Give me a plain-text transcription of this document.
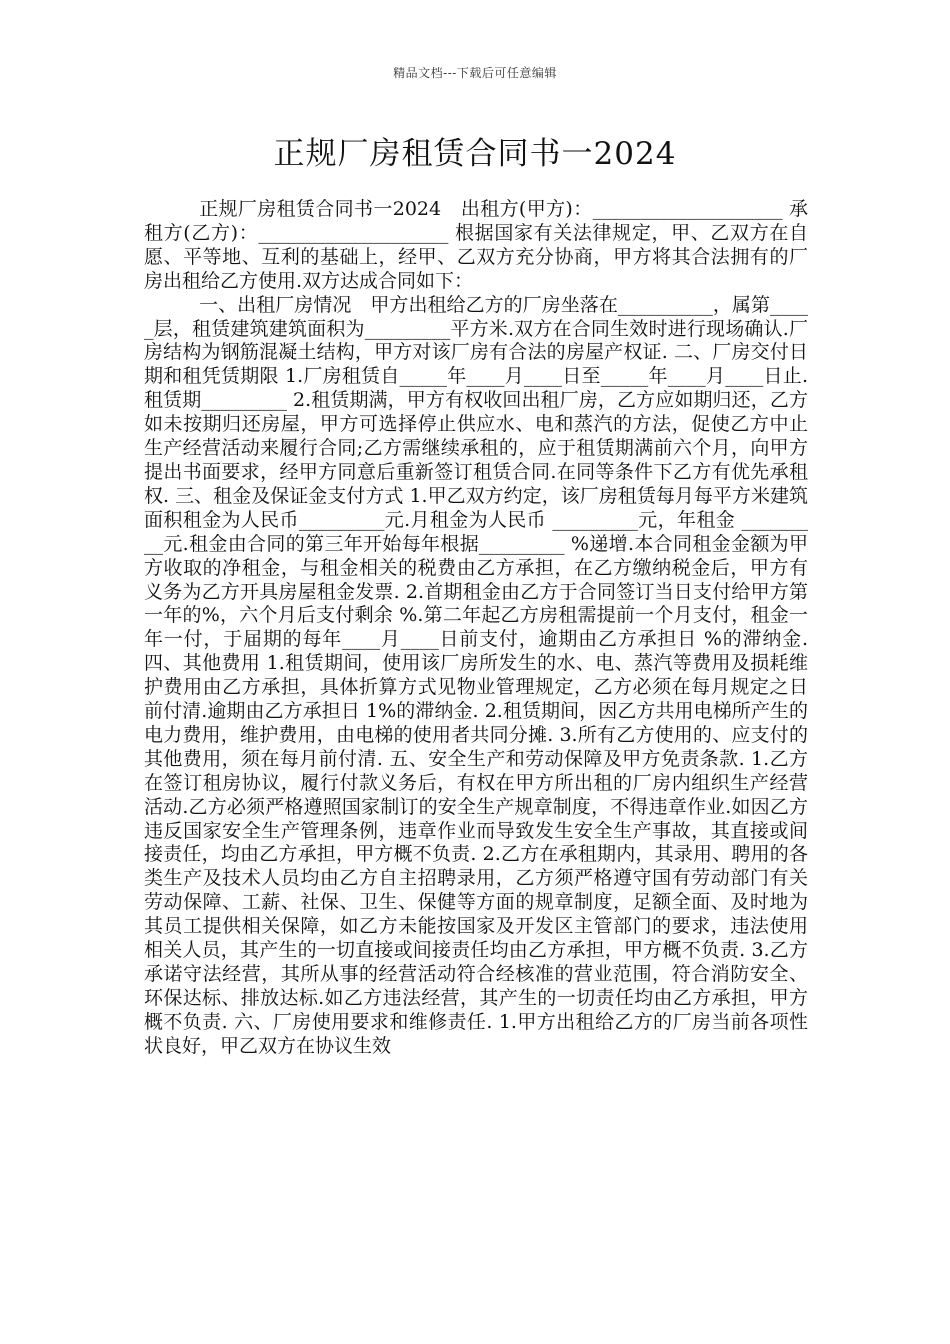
精品文档---下载后可任意编辑
正规厂房租赁合同书一2024

正规厂房租赁合同书一2024　出租方(甲方)：____________________ 承租方(乙方)：____________________ 根据国家有关法律规定，甲、乙双方在自愿、平等地、互利的基础上，经甲、乙双方充分协商，甲方将其合法拥有的厂房出租给乙方使用.双方达成合同如下：

一、出租厂房情况　甲方出租给乙方的厂房坐落在__________，属第_____层，租赁建筑建筑面积为_________平方米.双方在合同生效时进行现场确认.厂房结构为钢筋混凝土结构，甲方对该厂房有合法的房屋产权证. 二、厂房交付日期和租凭赁期限 1.厂房租赁自_____年____月____日至_____年____月____日止.租赁期_________ 2.租赁期满，甲方有权收回出租厂房，乙方应如期归还，乙方如未按期归还房屋，甲方可选择停止供应水、电和蒸汽的方法，促使乙方中止生产经营活动来履行合同;乙方需继续承租的，应于租赁期满前六个月，向甲方提出书面要求，经甲方同意后重新签订租赁合同.在同等条件下乙方有优先承租权. 三、租金及保证金支付方式 1.甲乙双方约定，该厂房租赁每月每平方米建筑面积租金为人民币_________元.月租金为人民币 _________元，年租金 _________元.租金由合同的第三年开始每年根据_________ %递增.本合同租金金额为甲方收取的净租金，与租金相关的税费由乙方承担，在乙方缴纳税金后，甲方有义务为乙方开具房屋租金发票. 2.首期租金由乙方于合同签订当日支付给甲方第一年的%，六个月后支付剩余 %.第二年起乙方房租需提前一个月支付，租金一年一付，于届期的每年____月____日前支付，逾期由乙方承担日 %的滞纳金. 四、其他费用 1.租赁期间，使用该厂房所发生的水、电、蒸汽等费用及损耗维护费用由乙方承担，具体折算方式见物业管理规定，乙方必须在每月规定之日前付清.逾期由乙方承担日 1%的滞纳金. 2.租赁期间，因乙方共用电梯所产生的电力费用，维护费用，由电梯的使用者共同分摊. 3.所有乙方使用的、应支付的其他费用，须在每月前付清. 五、安全生产和劳动保障及甲方免责条款. 1.乙方在签订租房协议，履行付款义务后，有权在甲方所出租的厂房内组织生产经营活动.乙方必须严格遵照国家制订的安全生产规章制度，不得违章作业.如因乙方违反国家安全生产管理条例，违章作业而导致发生安全生产事故，其直接或间接责任，均由乙方承担，甲方概不负责. 2.乙方在承租期内，其录用、聘用的各类生产及技术人员均由乙方自主招聘录用，乙方须严格遵守国有劳动部门有关劳动保障、工薪、社保、卫生、保健等方面的规章制度，足额全面、及时地为其员工提供相关保障，如乙方未能按国家及开发区主管部门的要求，违法使用相关人员，其产生的一切直接或间接责任均由乙方承担，甲方概不负责. 3.乙方承诺守法经营，其所从事的经营活动符合经核准的营业范围，符合消防安全、环保达标、排放达标.如乙方违法经营，其产生的一切责任均由乙方承担，甲方概不负责. 六、厂房使用要求和维修责任. 1.甲方出租给乙方的厂房当前各项性状良好，甲乙双方在协议生效
